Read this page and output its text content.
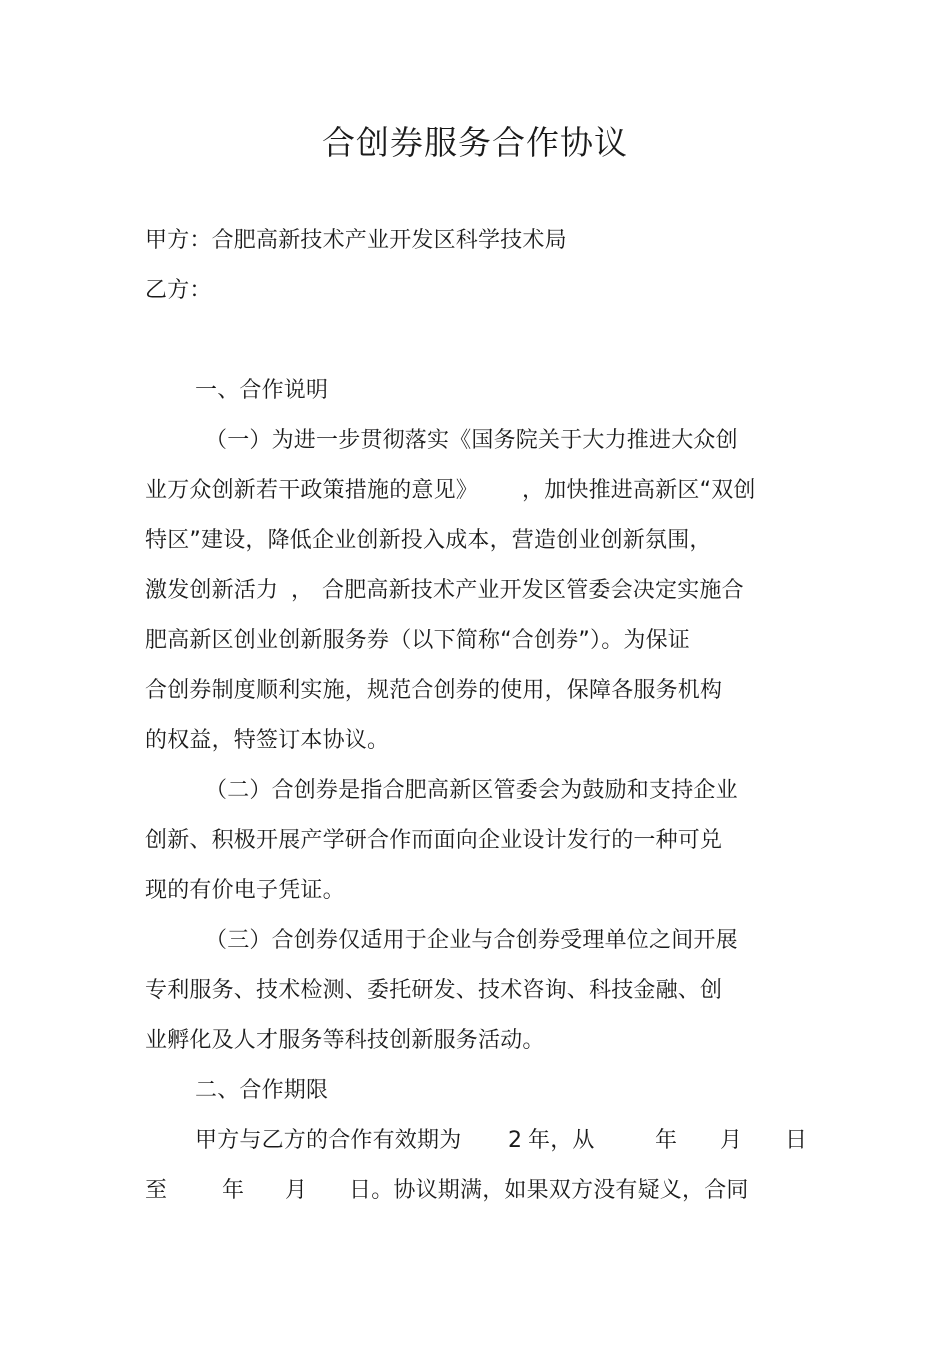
合创券服务合作协议
甲方：合肥高新技术产业开发区科学技术局
乙方：
一、合作说明
（一）为进一步贯彻落实《国务院关于大力推进大众创
业万众创新若干政策措施的意见》 ，加快推进高新区“双创
特区”建设，降低企业创新投入成本，营造创业创新氛围，
激发创新活力 ， 合肥高新技术产业开发区管委会决定实施合
肥高新区创业创新服务券（以下简称“合创券”）。为保证
合创券制度顺利实施，规范合创券的使用，保障各服务机构
的权益，特签订本协议。
（二）合创券是指合肥高新区管委会为鼓励和支持企业
创新、积极开展产学研合作而面向企业设计发行的一种可兑
现的有价电子凭证。
（三）合创券仅适用于企业与合创券受理单位之间开展
专利服务、技术检测、委托研发、技术咨询、科技金融、创
业孵化及人才服务等科技创新服务活动。
二、合作期限
甲方与乙方的合作有效期为 2 年，从	年 月 日
至 年 月 日。协议期满，如果双方没有疑义，合同
